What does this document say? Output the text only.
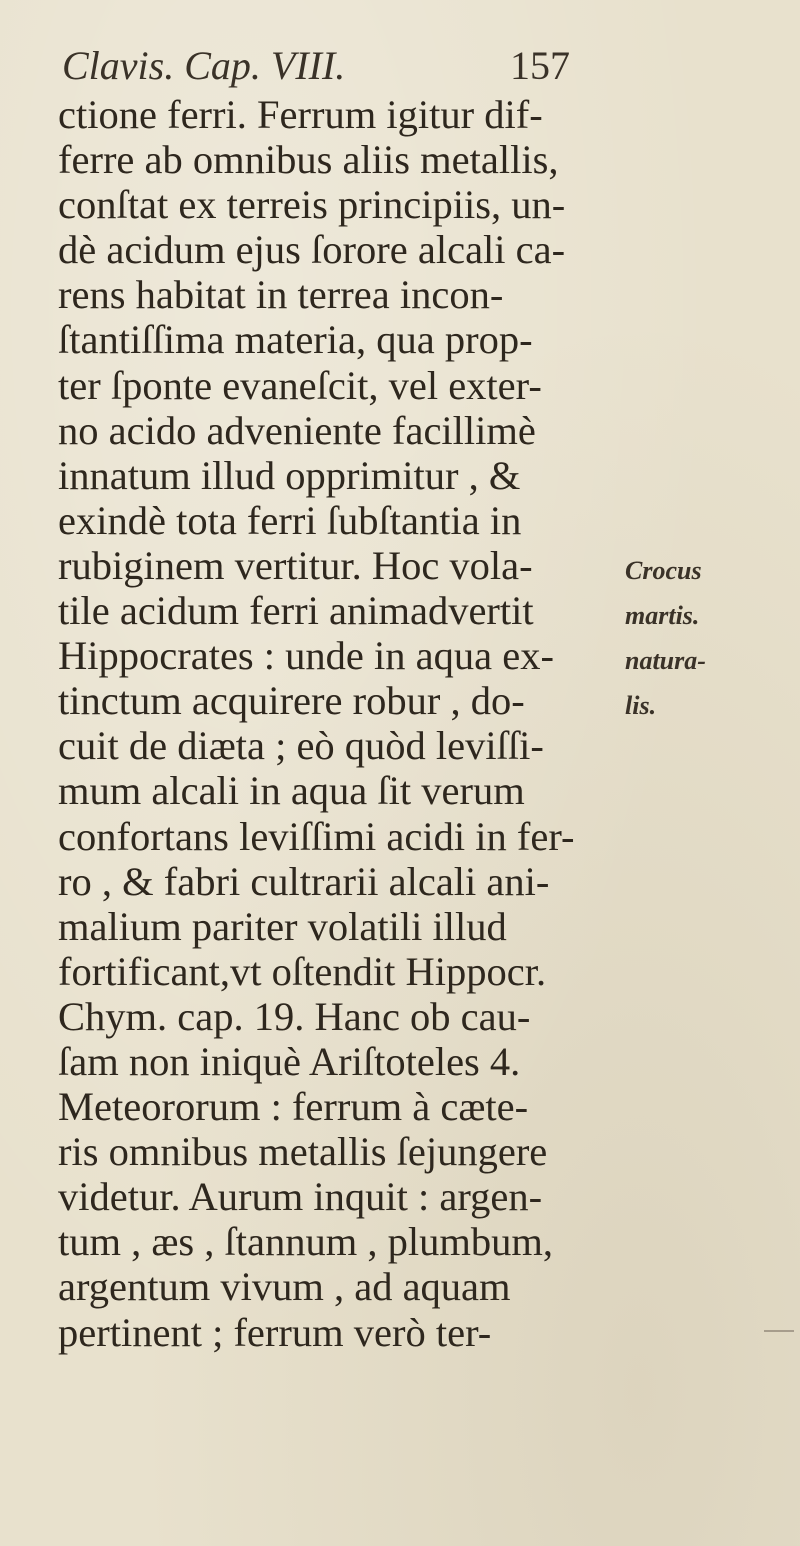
Clavis. Cap. VIII.	157
ctione ferri. Ferrum igitur dif-
ferre ab omnibus aliis metallis,
conſtat ex terreis principiis, un-
dè acidum ejus ſorore alcali ca-
rens habitat in terrea incon-
ſtantiſſima materia, qua prop-
ter ſponte evaneſcit, vel exter-
no acido adveniente facillimè
innatum illud opprimitur , &
exindè tota ferri ſubſtantia in
rubiginem vertitur. Hoc vola-
tile acidum ferri animadvertit
Hippocrates : unde in aqua ex-
tinctum acquirere robur , do-
cuit de diæta ; eò quòd leviſſi-
mum alcali in aqua ſit verum
confortans leviſſimi acidi in fer-
ro , & fabri cultrarii alcali ani-
malium pariter volatili illud
fortificant,vt oſtendit Hippocr.
Chym. cap. 19. Hanc ob cau-
ſam non iniquè Ariſtoteles 4.
Meteororum : ferrum à cæte-
ris omnibus metallis ſejungere
videtur. Aurum inquit : argen-
tum , æs , ſtannum , plumbum,
argentum vivum , ad aquam
pertinent ; ferrum verò ter-
Crocus
martis.
natura-
lis.
